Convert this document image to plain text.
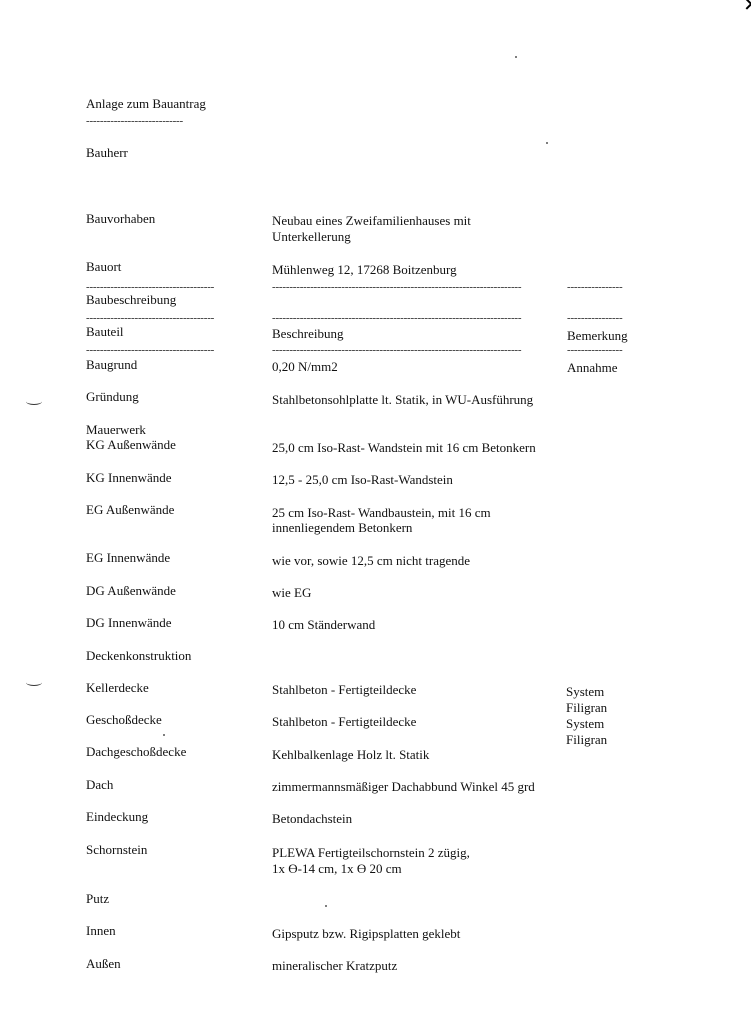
Anlage zum Bauantrag
----------------------------
Bauherr
Bauvorhaben	Neubau eines Zweifamilienhauses mit
Unterkellerung
Bauort	Mühlenweg 12, 17268 Boitzenburg
-------------------------------------	------------------------------------------------------------------------	----------------
Baubeschreibung
-------------------------------------	------------------------------------------------------------------------	----------------
Bauteil	Beschreibung	Bemerkung
-------------------------------------	------------------------------------------------------------------------	----------------
Baugrund	0,20 N/mm2	Annahme
Gründung	Stahlbetonsohlplatte lt. Statik, in WU-Ausführung
Mauerwerk
KG Außenwände	25,0 cm Iso-Rast- Wandstein mit 16 cm Betonkern
KG Innenwände	12,5 - 25,0 cm Iso-Rast-Wandstein
EG Außenwände	25 cm Iso-Rast- Wandbaustein, mit 16 cm
innenliegendem Betonkern
EG Innenwände	wie vor, sowie 12,5 cm nicht tragende
DG Außenwände	wie EG
DG Innenwände	10 cm Ständerwand
Deckenkonstruktion
Kellerdecke	Stahlbeton - Fertigteildecke	System
Filigran
Geschoßdecke	Stahlbeton - Fertigteildecke	System
Filigran
Dachgeschoßdecke	Kehlbalkenlage Holz lt. Statik
Dach	zimmermannsmäßiger Dachabbund Winkel 45 grd
Eindeckung	Betondachstein
Schornstein	PLEWA Fertigteilschornstein 2 zügig,
1x ϴ-14 cm, 1x ϴ 20 cm
Putz
Innen	Gipsputz bzw. Rigipsplatten geklebt
Außen	mineralischer Kratzputz
